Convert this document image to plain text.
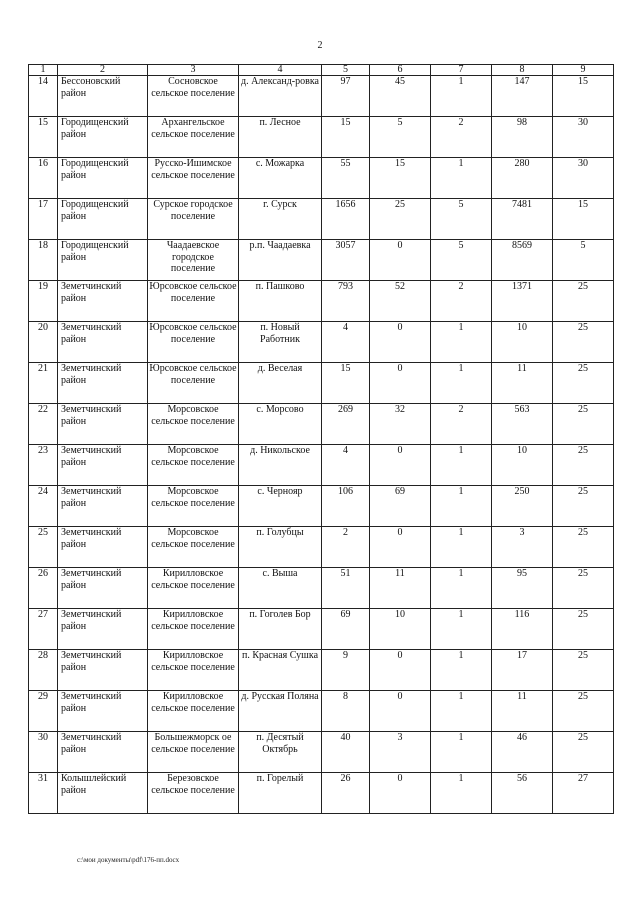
2
1	2	3	4	5	6	7	8	9
14	Бессоновский район	Сосновское сельское поселение	д. Александ-ровка	97	45	1	147	15
15	Городищенский район	Архангельское сельское поселение	п. Лесное	15	5	2	98	30
16	Городищенский район	Русско-Ишимское сельское поселение	с. Можарка	55	15	1	280	30
17	Городищенский район	Сурское городское поселение	г. Сурск	1656	25	5	7481	15
18	Городищенский район	Чаадаевское городское поселение	р.п. Чаадаевка	3057	0	5	8569	5
19	Земетчинский район	Юрсовское сельское поселение	п. Пашково	793	52	2	1371	25
20	Земетчинский район	Юрсовское сельское поселение	п. Новый Работник	4	0	1	10	25
21	Земетчинский район	Юрсовское сельское поселение	д. Веселая	15	0	1	11	25
22	Земетчинский район	Морсовское сельское поселение	с. Морсово	269	32	2	563	25
23	Земетчинский район	Морсовское сельское поселение	д. Никольское	4	0	1	10	25
24	Земетчинский район	Морсовское сельское поселение	с. Чернояр	106	69	1	250	25
25	Земетчинский район	Морсовское сельское поселение	п. Голубцы	2	0	1	3	25
26	Земетчинский район	Кирилловское сельское поселение	с. Выша	51	11	1	95	25
27	Земетчинский район	Кирилловское сельское поселение	п. Гоголев Бор	69	10	1	116	25
28	Земетчинский район	Кирилловское сельское поселение	п. Красная Сушка	9	0	1	17	25
29	Земетчинский район	Кирилловское сельское поселение	д. Русская Поляна	8	0	1	11	25
30	Земетчинский район	Большежморск ое сельское поселение	п. Десятый Октябрь	40	3	1	46	25
31	Колышлейский район	Березовское сельское поселение	п. Горелый	26	0	1	56	27
c:\мои документы\pdf\176-пп.docx
